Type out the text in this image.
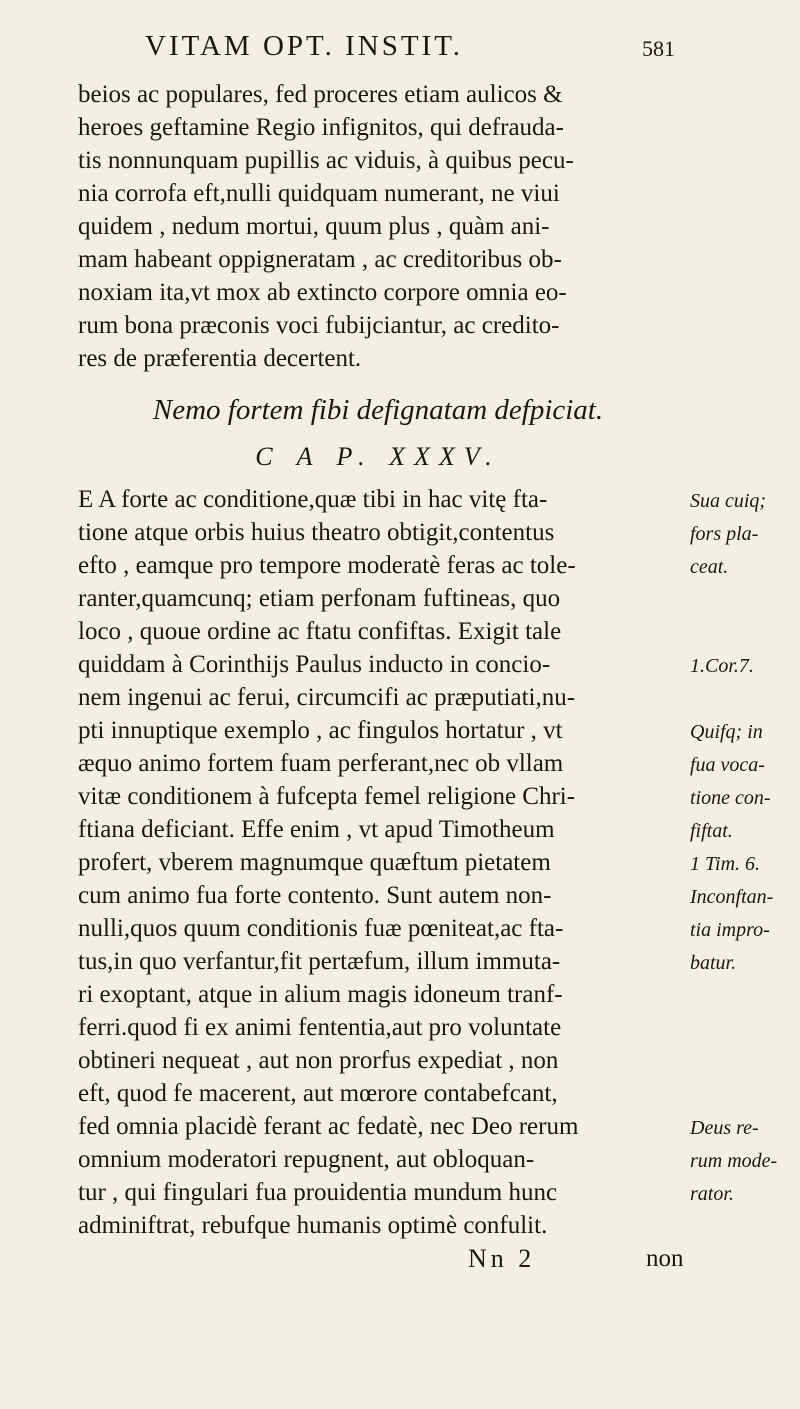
VITAM OPT. INSTIT.	581
beios ac populares, fed proceres etiam aulicos &
heroes geftamine Regio infignitos, qui defrauda-
tis nonnunquam pupillis ac viduis, à quibus pecu-
nia corrofa eft,nulli quidquam numerant, ne viui
quidem , nedum mortui, quum plus , quàm ani-
mam habeant oppigneratam , ac creditoribus ob-
noxiam ita,vt mox ab extincto corpore omnia eo-
rum bona præconis voci fubijciantur, ac credito-
res de præferentia decertent.
Nemo fortem fibi defignatam defpiciat.
C A P. XXXV.
E A forte ac conditione,quæ tibi in hac vitę fta-	Sua cuiq;
tione atque orbis huius theatro obtigit,contentus	fors pla-
efto , eamque pro tempore moderatè feras ac tole-	ceat.
ranter,quamcunq; etiam perfonam fuftineas, quo
loco , quoue ordine ac ftatu confiftas. Exigit tale
quiddam à Corinthijs Paulus inducto in concio-	1.Cor.7.
nem ingenui ac ferui, circumcifi ac præputiati,nu-
pti innuptique exemplo , ac fingulos hortatur , vt	Quifq; in
æquo animo fortem fuam perferant,nec ob vllam	fua voca-
vitæ conditionem à fufcepta femel religione Chri-	tione con-
ftiana deficiant. Effe enim , vt apud Timotheum	fiftat.
profert, vberem magnumque quæftum pietatem	1 Tim. 6.
cum animo fua forte contento. Sunt autem non-	Inconftan-
nulli,quos quum conditionis fuæ pœniteat,ac fta-	tia impro-
tus,in quo verfantur,fit pertæfum, illum immuta-	batur.
ri exoptant, atque in alium magis idoneum tranf-
ferri.quod fi ex animi fententia,aut pro voluntate
obtineri nequeat , aut non prorfus expediat , non
eft, quod fe macerent, aut mœrore contabefcant,
fed omnia placidè ferant ac fedatè, nec Deo rerum	Deus re-
omnium moderatori repugnent, aut obloquan-	rum mode-
tur , qui fingulari fua prouidentia mundum hunc	rator.
adminiftrat, rebufque humanis optimè confulit.
Nn 2	non
